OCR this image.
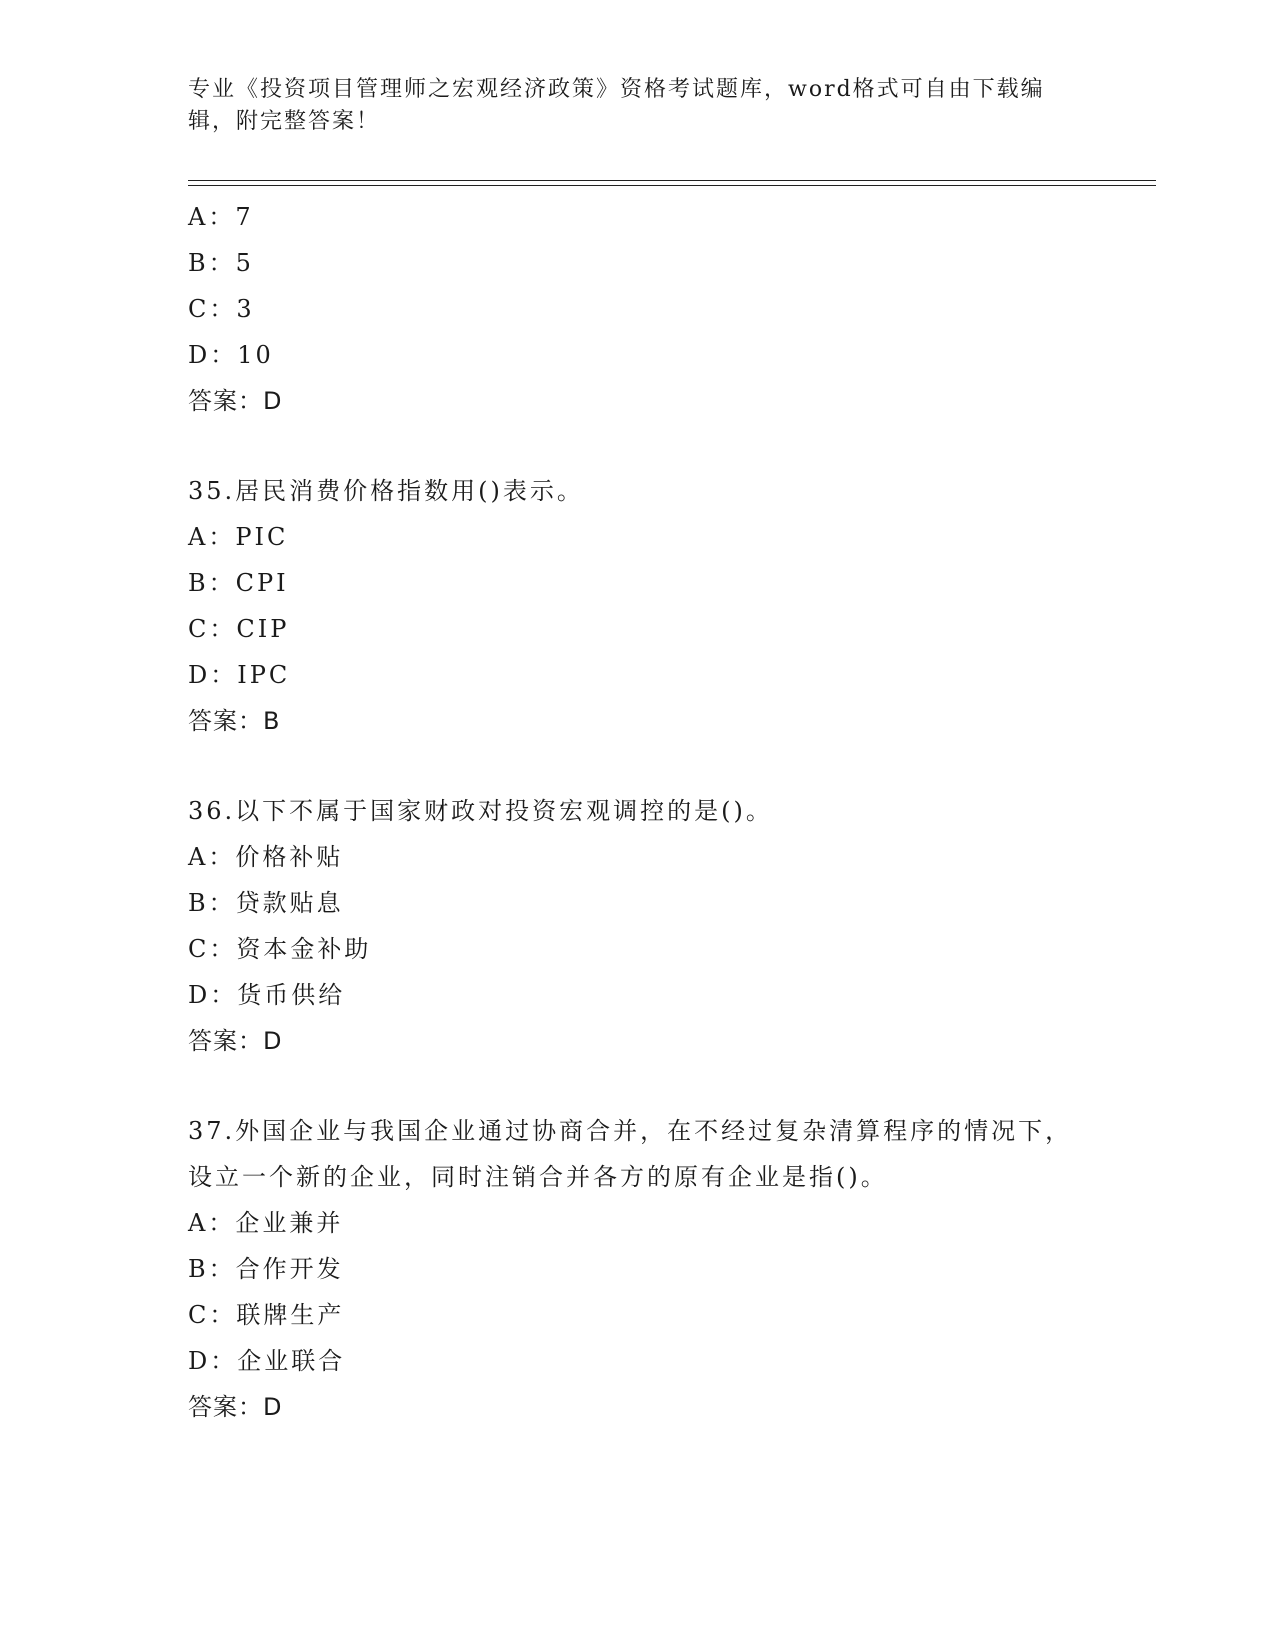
专业《投资项目管理师之宏观经济政策》资格考试题库，word格式可自由下载编辑，附完整答案！
A：7
B：5
C：3
D：10
答案：D
35.居民消费价格指数用()表示。
A：PIC
B：CPI
C：CIP
D：IPC
答案：B
36.以下不属于国家财政对投资宏观调控的是()。
A：价格补贴
B：贷款贴息
C：资本金补助
D：货币供给
答案：D
37.外国企业与我国企业通过协商合并，在不经过复杂清算程序的情况下，设立一个新的企业，同时注销合并各方的原有企业是指()。
A：企业兼并
B：合作开发
C：联牌生产
D：企业联合
答案：D
